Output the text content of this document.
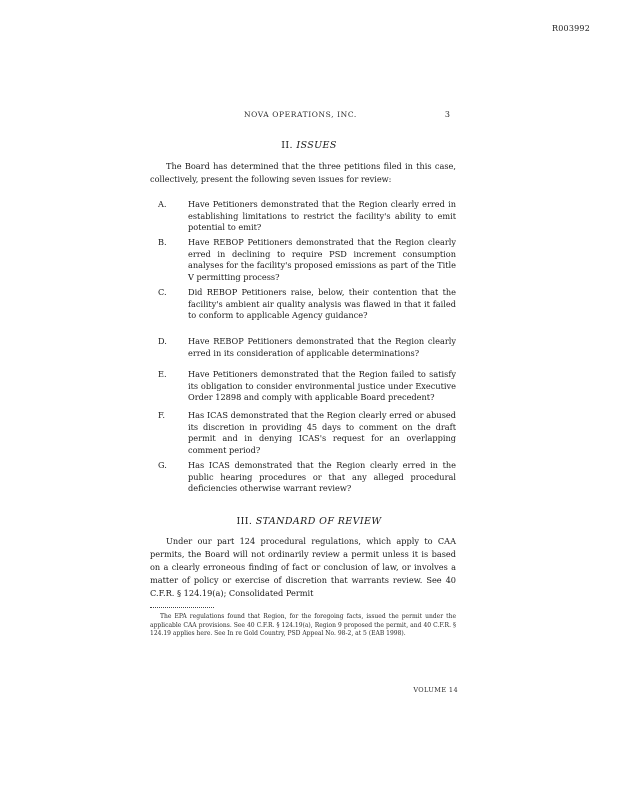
R003992
NOVA OPERATIONS, INC.	3
II. ISSUES

The Board has determined that the three petitions filed in this case, collectively, present the following seven issues for review:

A.	Have Petitioners demonstrated that the Region clearly erred in establishing limitations to restrict the facility's ability to emit potential to emit?
B.	Have REBOP Petitioners demonstrated that the Region clearly erred in declining to require PSD increment consumption analyses for the facility's proposed emissions as part of the Title V permitting process?
C.	Did REBOP Petitioners raise, below, their contention that the facility's ambient air quality analysis was flawed in that it failed to conform to applicable Agency guidance?
D.	Have REBOP Petitioners demonstrated that the Region clearly erred in its consideration of applicable determinations?
E.	Have Petitioners demonstrated that the Region failed to satisfy its obligation to consider environmental justice under Executive Order 12898 and comply with applicable Board precedent?
F.	Has ICAS demonstrated that the Region clearly erred or abused its discretion in providing 45 days to comment on the draft permit and in denying ICAS's request for an overlapping comment period?
G.	Has ICAS demonstrated that the Region clearly erred in the public hearing procedures or that any alleged procedural deficiencies otherwise warrant review?
III. STANDARD OF REVIEW

Under our part 124 procedural regulations, which apply to CAA permits, the Board will not ordinarily review a permit unless it is based on a clearly erroneous finding of fact or conclusion of law, or involves a matter of policy or exercise of discretion that warrants review. See 40 C.F.R. § 124.19(a); Consolidated Permit

The EPA regulations found that Region, for the foregoing facts, issued the permit under the applicable CAA provisions. See 40 C.F.R. § 124.19(a), Region 9 proposed the permit, and 40 C.F.R. § 124.19 applies here. See In re Gold Country, PSD Appeal No. 98-2, at 5 (EAB 1998).

VOLUME 14
